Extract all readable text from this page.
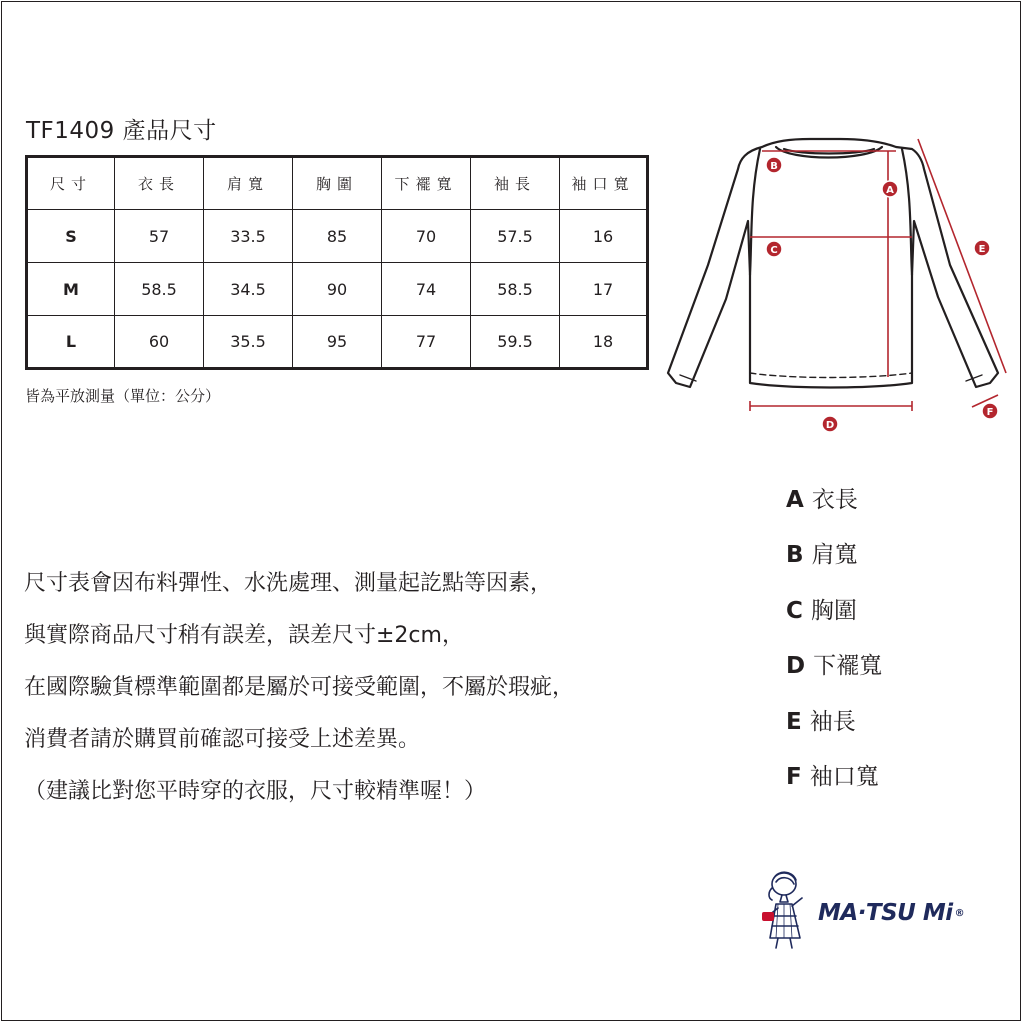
TF1409 產品尺寸
尺寸	衣長	肩寬	胸圍	下襬寬	袖長	袖口寬
S	57	33.5	85	70	57.5	16
M	58.5	34.5	90	74	58.5	17
L	60	35.5	95	77	59.5	18
皆為平放測量（單位：公分）
B
A
C
D
E
F
A 衣長
B 肩寬
C 胸圍
D 下襬寬
E 袖長
F 袖口寬
尺寸表會因布料彈性、水洗處理、測量起訖點等因素，
與實際商品尺寸稍有誤差，誤差尺寸±2cm，
在國際驗貨標準範圍都是屬於可接受範圍，不屬於瑕疵，
消費者請於購買前確認可接受上述差異。
（建議比對您平時穿的衣服，尺寸較精準喔！）
MA·TSU Mi ®
